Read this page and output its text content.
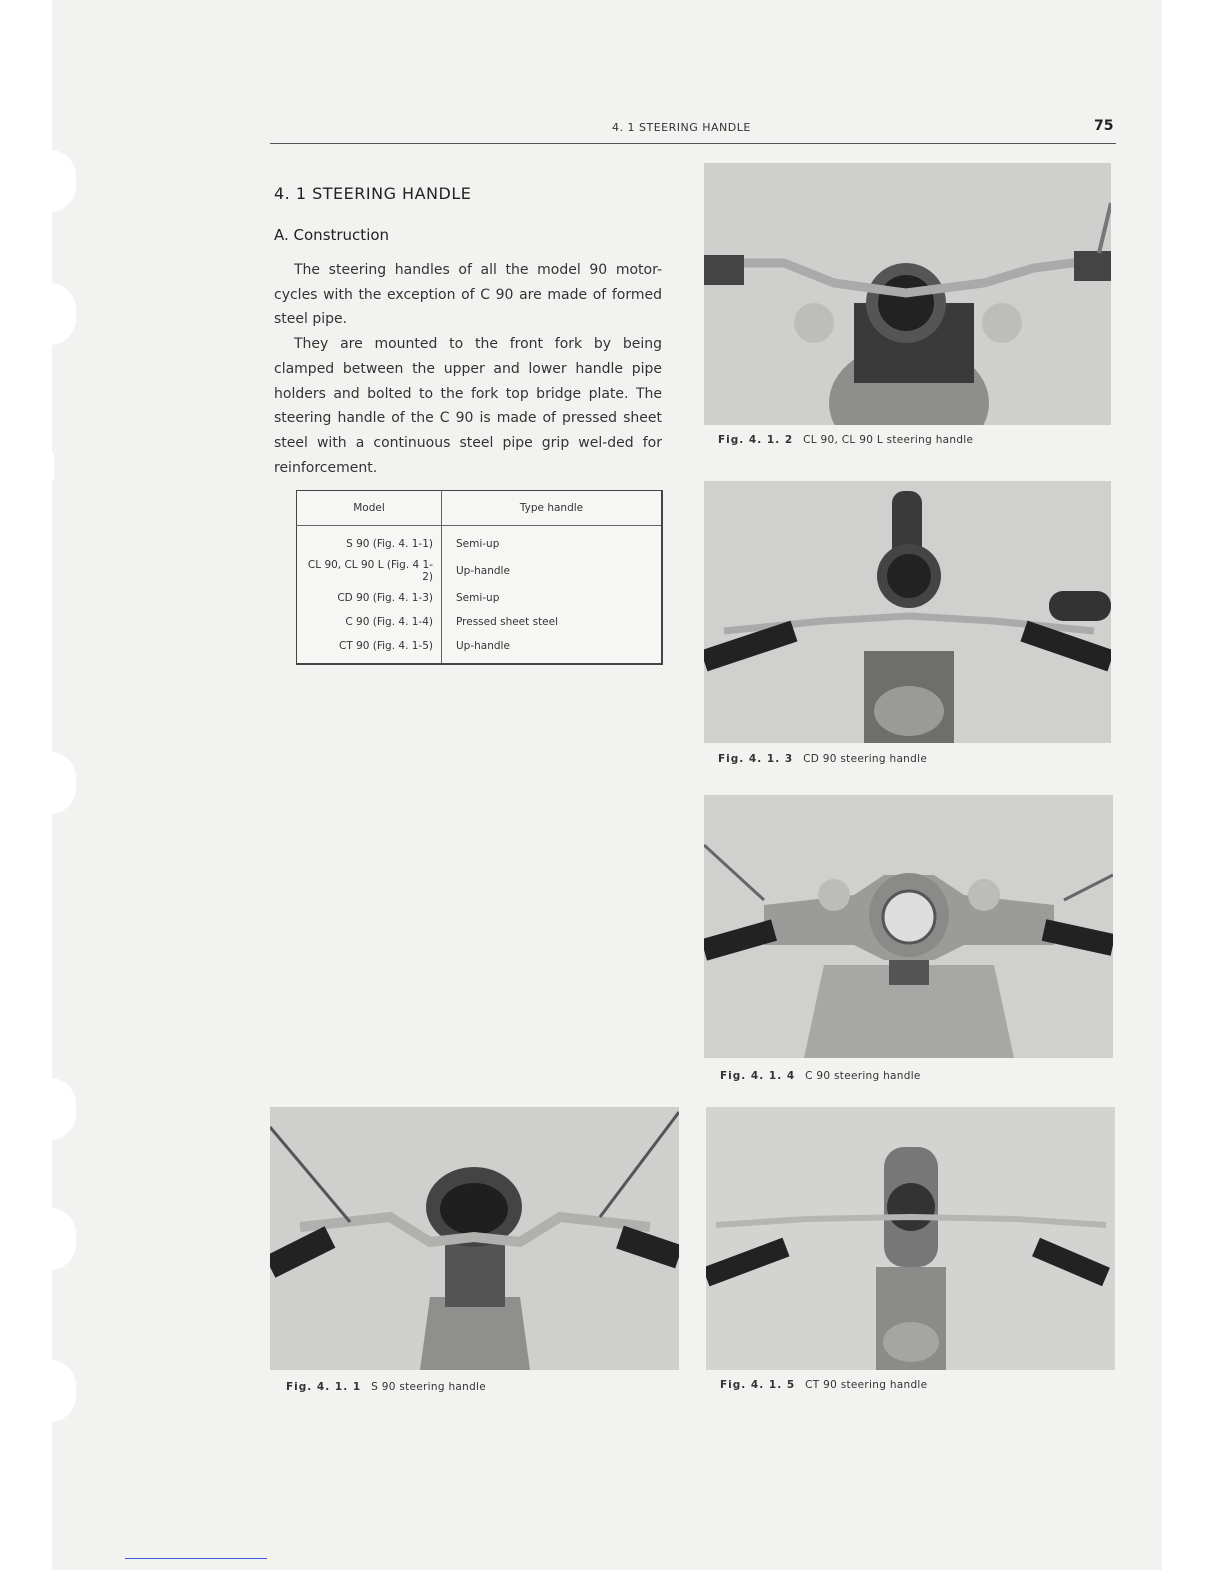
4. 1 STEERING HANDLE	75
4. 1 STEERING HANDLE
A. Construction

The steering handles of all the model 90 motor-cycles with the exception of C 90 are made of formed steel pipe.

They are mounted to the front fork by being clamped between the upper and lower handle pipe holders and bolted to the fork top bridge plate. The steering handle of the C 90 is made of pressed sheet steel with a continuous steel pipe grip wel-ded for reinforcement.

Model	Type handle
S 90 (Fig. 4. 1-1)	Semi-up
CL 90, CL 90 L (Fig. 4 1-2)	Up-handle
CD 90 (Fig. 4. 1-3)	Semi-up
C 90 (Fig. 4. 1-4)	Pressed sheet steel
CT 90 (Fig. 4. 1-5)	Up-handle
Fig. 4. 1. 2 CL 90, CL 90 L steering handle
Fig. 4. 1. 3 CD 90 steering handle
Fig. 4. 1. 4 C 90 steering handle
Fig. 4. 1. 1 S 90 steering handle	Fig. 4. 1. 5 CT 90 steering handle
